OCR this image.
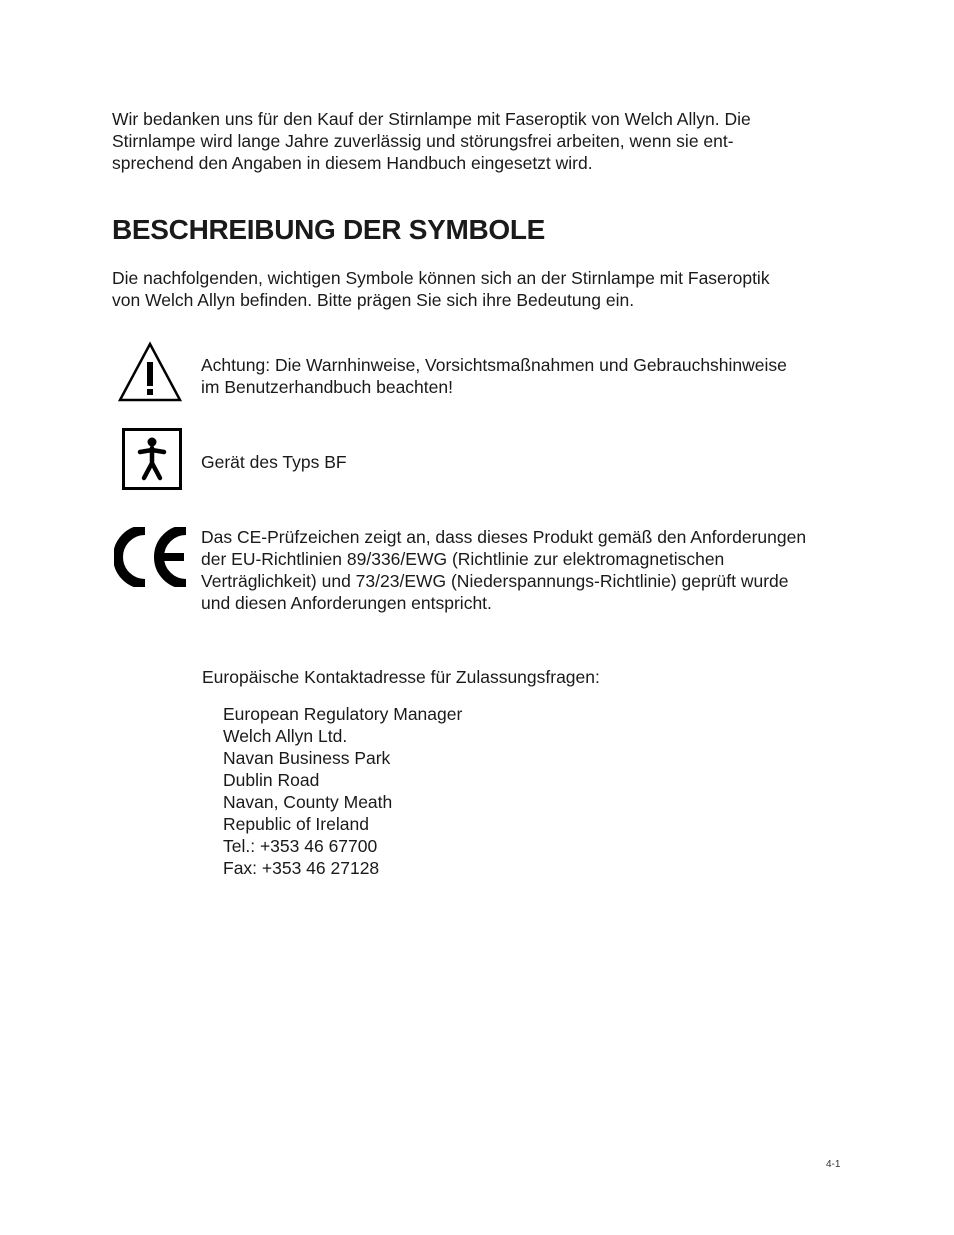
Wir bedanken uns für den Kauf der Stirnlampe mit Faseroptik von Welch Allyn. Die
Stirnlampe wird lange Jahre zuverlässig und störungsfrei arbeiten, wenn sie ent-
sprechend den Angaben in diesem Handbuch eingesetzt wird.

BESCHREIBUNG DER SYMBOLE

Die nachfolgenden, wichtigen Symbole können sich an der Stirnlampe mit Faseroptik
von Welch Allyn befinden. Bitte prägen Sie sich ihre Bedeutung ein.

Achtung: Die Warnhinweise, Vorsichtsmaßnahmen und Gebrauchshinweise
im Benutzerhandbuch beachten!

Gerät des Typs BF

Das CE-Prüfzeichen zeigt an, dass dieses Produkt gemäß den Anforderungen
der EU-Richtlinien 89/336/EWG (Richtlinie zur elektromagnetischen
Verträglichkeit) und 73/23/EWG (Niederspannungs-Richtlinie) geprüft wurde
und diesen Anforderungen entspricht.

Europäische Kontaktadresse für Zulassungsfragen:

European Regulatory Manager
Welch Allyn Ltd.
Navan Business Park
Dublin Road
Navan, County Meath
Republic of Ireland
Tel.: +353 46 67700
Fax: +353 46 27128
4-1
